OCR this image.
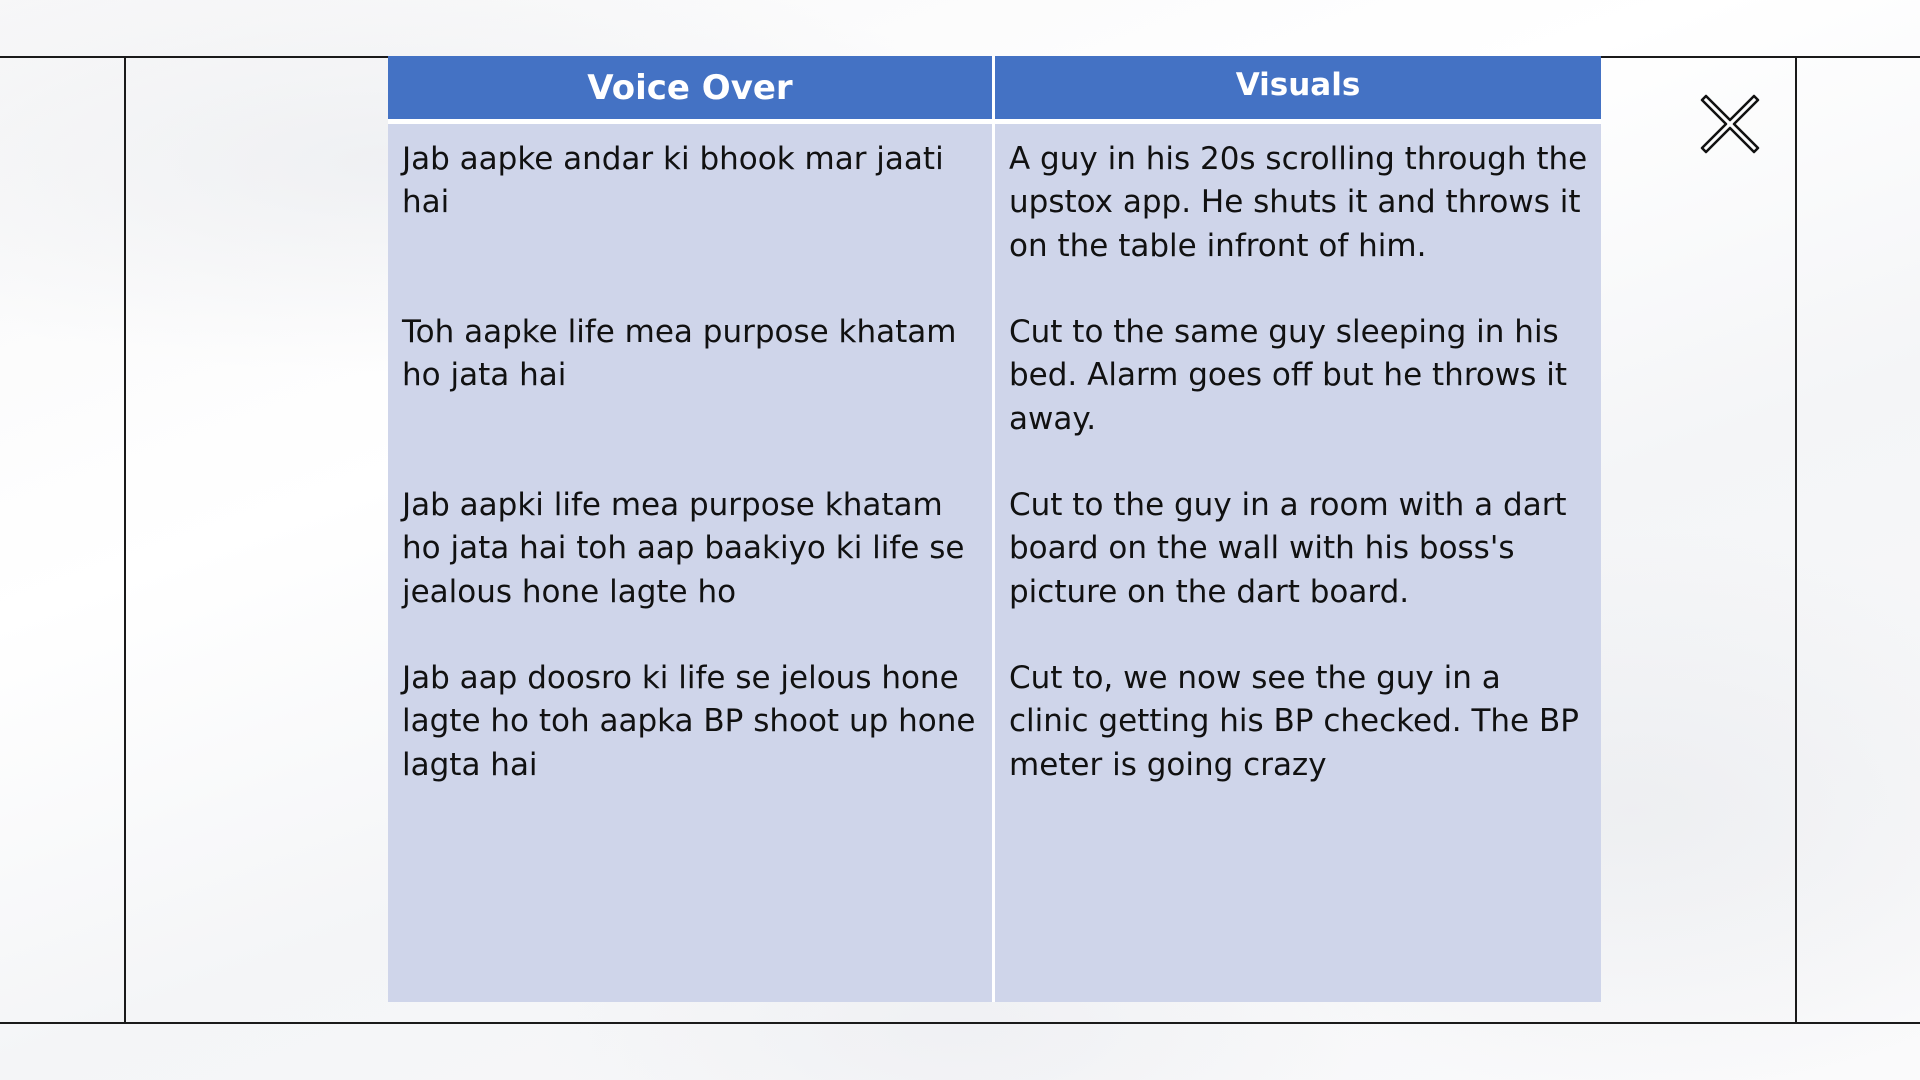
Voice Over	Visuals

Jab aapke andar ki bhook mar jaati hai

Toh aapke life mea purpose khatam ho jata hai

Jab aapki life mea purpose khatam ho jata hai toh aap baakiyo ki life se jealous hone lagte ho

Jab aap doosro ki life se jelous hone lagte ho toh aapka BP shoot up hone lagta hai

A guy in his 20s scrolling through the upstox app. He shuts it and throws it on the table infront of him.

Cut to the same guy sleeping in his bed. Alarm goes off but he throws it away.

Cut to the guy in a room with a dart board on the wall with his boss's picture on the dart board.

Cut to, we now see the guy in a clinic getting his BP checked. The BP meter is going crazy
